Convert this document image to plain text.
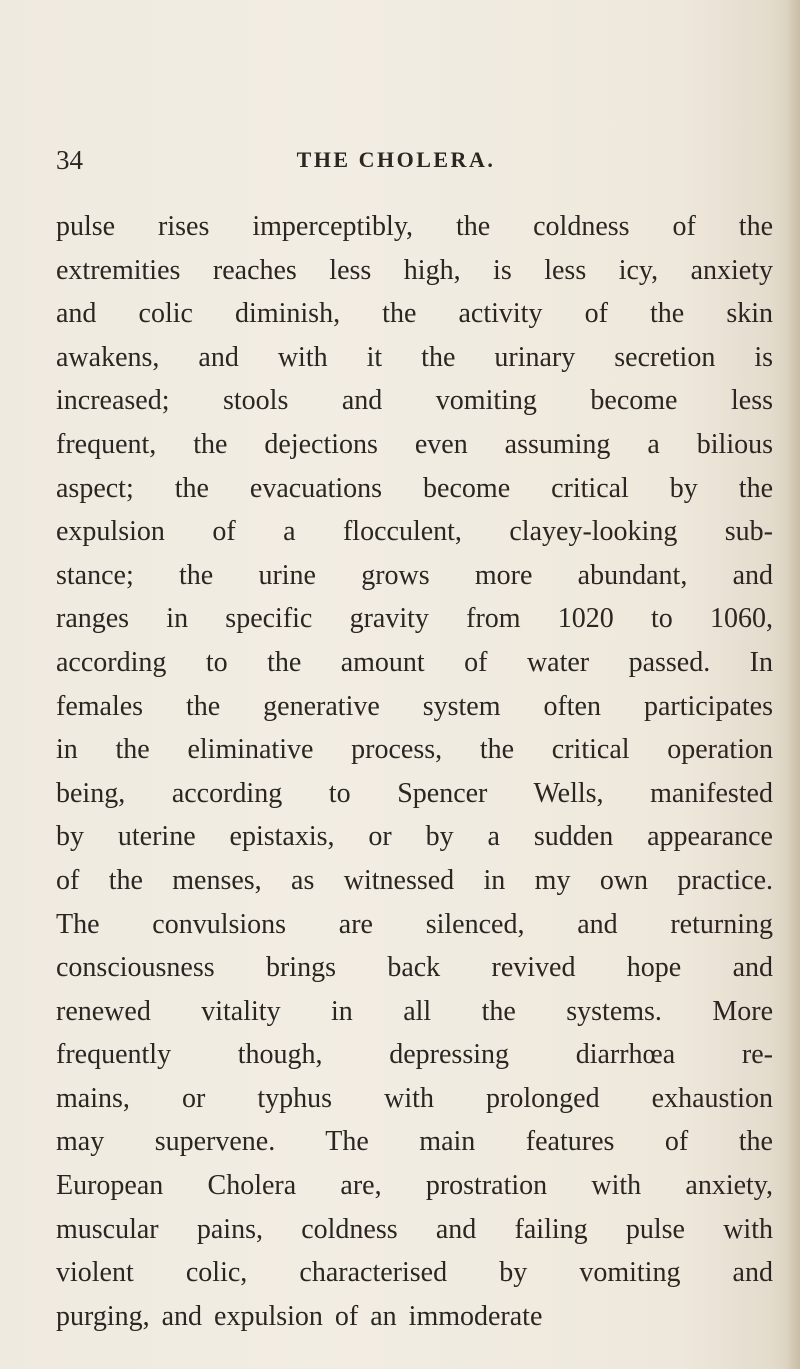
34	THE CHOLERA.
pulse rises imperceptibly, the coldness of the
extremities reaches less high, is less icy, anxiety
and colic diminish, the activity of the skin
awakens, and with it the urinary secretion is
increased; stools and vomiting become less
frequent, the dejections even assuming a bilious
aspect; the evacuations become critical by the
expulsion of a flocculent, clayey-looking sub-
stance; the urine grows more abundant, and
ranges in specific gravity from 1020 to 1060,
according to the amount of water passed. In
females the generative system often participates
in the eliminative process, the critical operation
being, according to Spencer Wells, manifested
by uterine epistaxis, or by a sudden appearance
of the menses, as witnessed in my own practice.
The convulsions are silenced, and returning
consciousness brings back revived hope and
renewed vitality in all the systems. More
frequently though, depressing diarrhœa re-
mains, or typhus with prolonged exhaustion
may supervene. The main features of the
European Cholera are, prostration with anxiety,
muscular pains, coldness and failing pulse with
violent colic, characterised by vomiting and
purging, and expulsion of an immoderate
